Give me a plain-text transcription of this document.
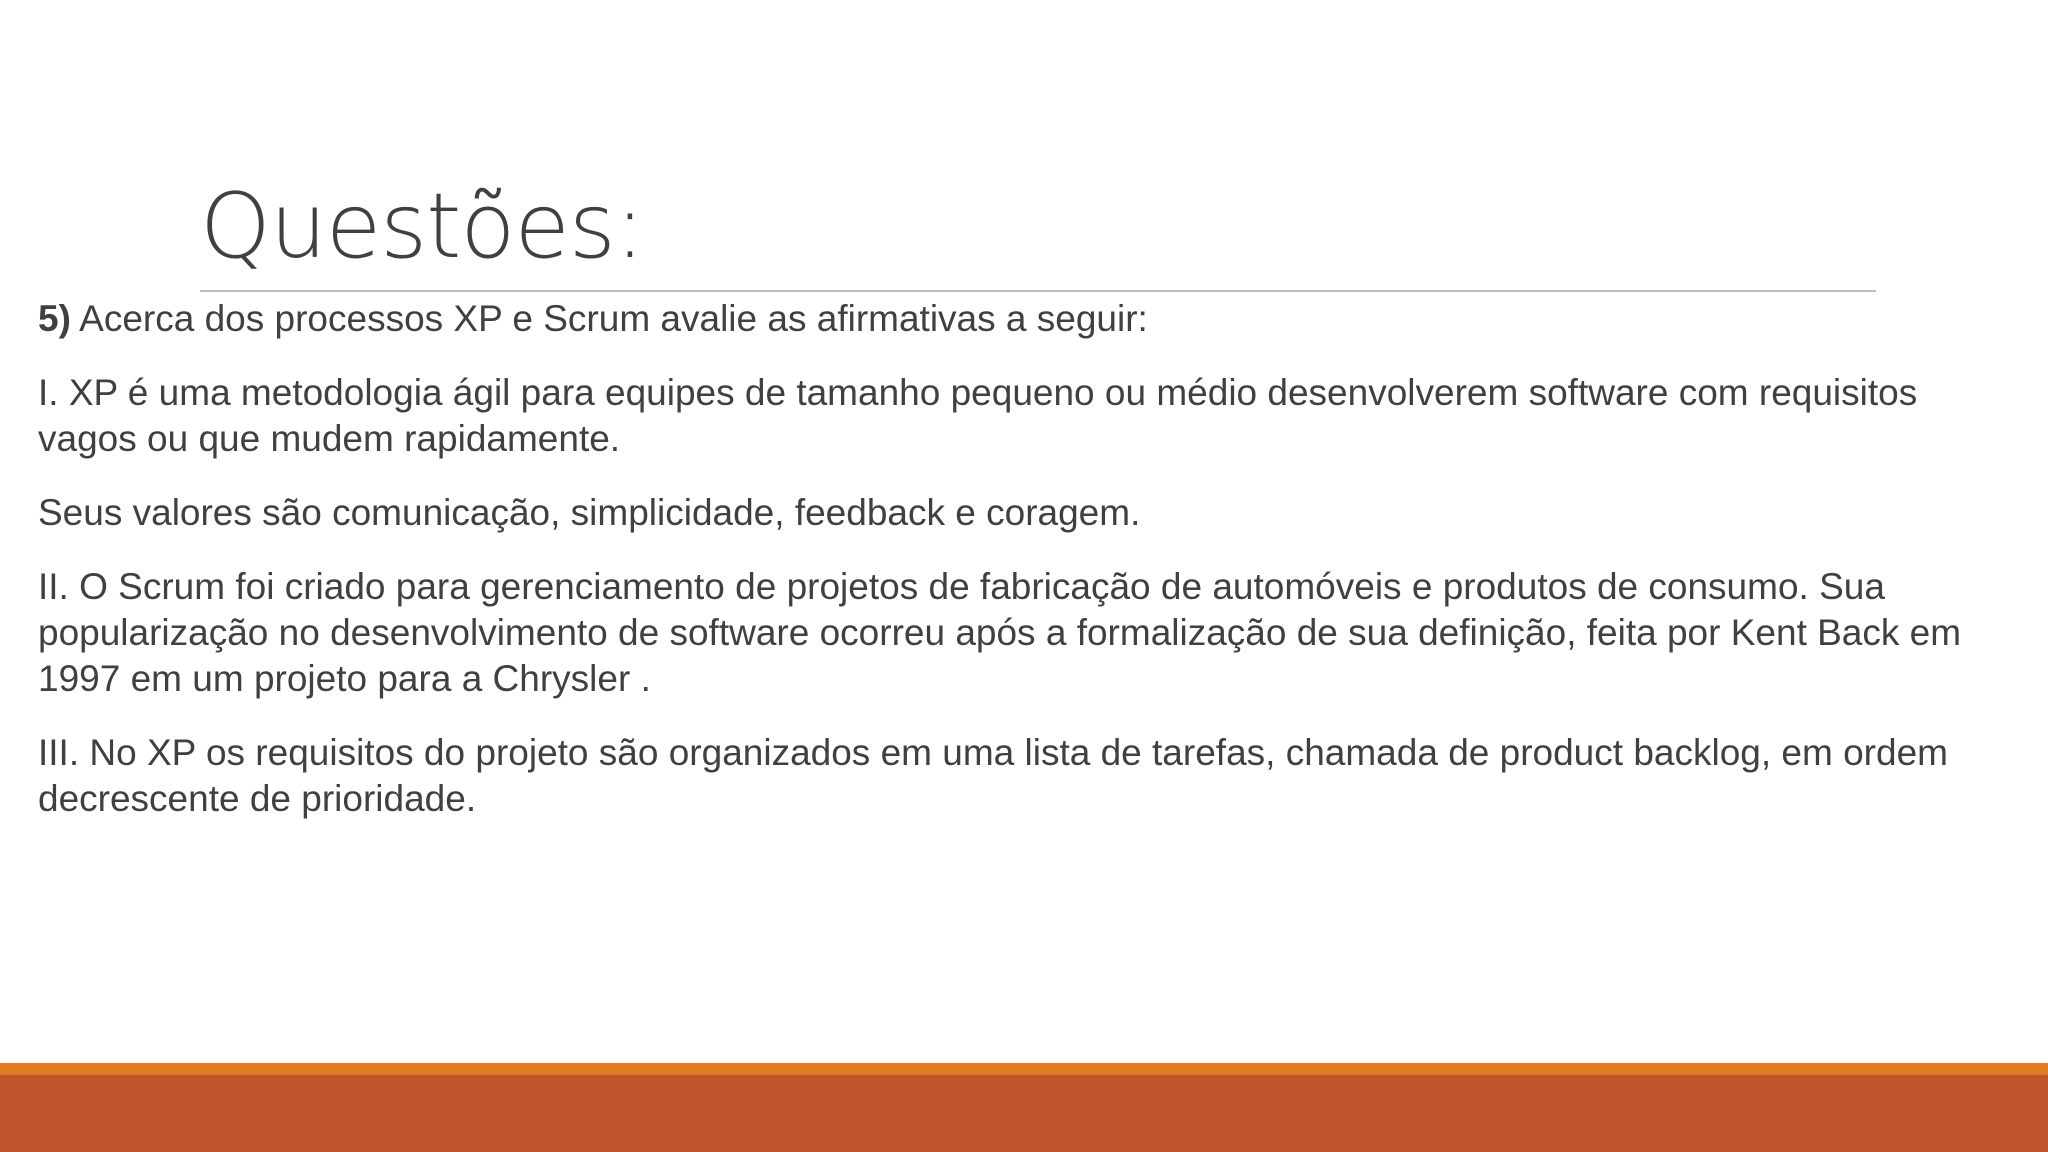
Questões:

5) Acerca dos processos XP e Scrum avalie as afirmativas a seguir:

I. XP é uma metodologia ágil para equipes de tamanho pequeno ou médio desenvolverem software com requisitos vagos ou que mudem rapidamente.

Seus valores são comunicação, simplicidade, feedback e coragem.

II. O Scrum foi criado para gerenciamento de projetos de fabricação de automóveis e produtos de consumo. Sua popularização no desenvolvimento de software ocorreu após a formalização de sua definição, feita por Kent Back em 1997 em um projeto para a Chrysler .

III. No XP os requisitos do projeto são organizados em uma lista de tarefas, chamada de product backlog, em ordem decrescente de prioridade.
